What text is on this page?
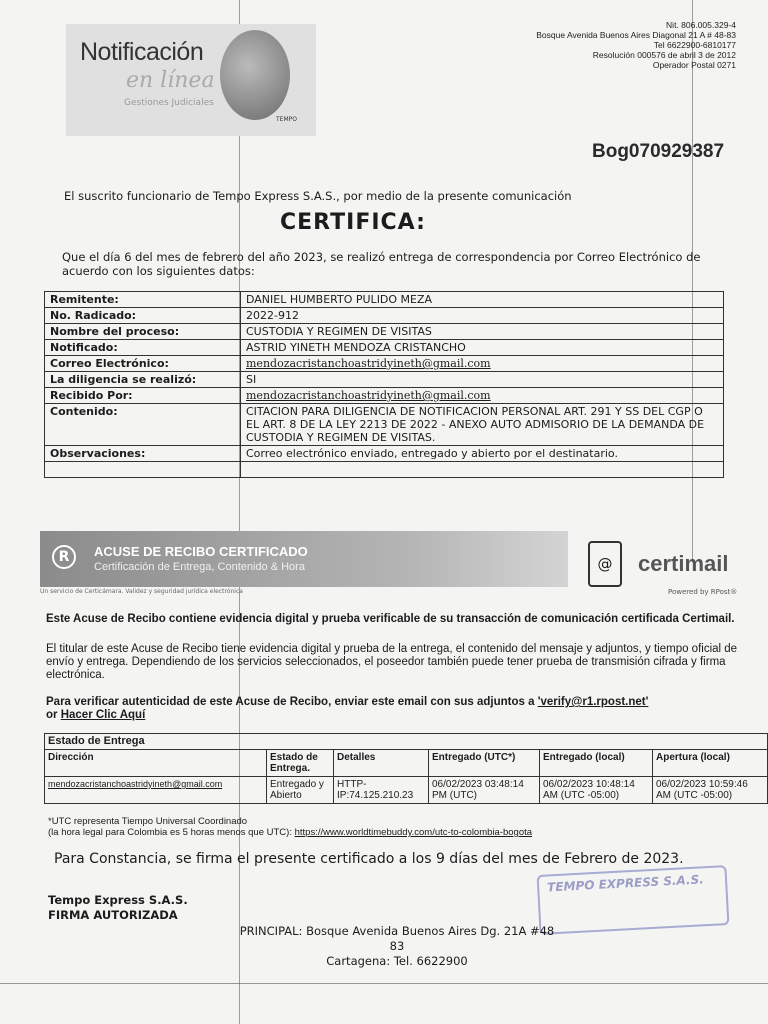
Notificación
en línea
Gestiones Judiciales
TEMPO
Nit. 806.005.329-4
Bosque Avenida Buenos Aires Diagonal 21 A # 48-83
Tel 6622900-6810177
Resolución 000576 de abril 3 de 2012
Operador Postal 0271
Bog070929387
El suscrito funcionario de Tempo Express S.A.S., por medio de la presente comunicación
CERTIFICA:
Que el día 6 del mes de febrero del año 2023, se realizó entrega de correspondencia por Correo Electrónico de acuerdo con los siguientes datos:
Remitente:	DANIEL HUMBERTO PULIDO MEZA
No. Radicado:	2022-912
Nombre del proceso:	CUSTODIA Y REGIMEN DE VISITAS
Notificado:	ASTRID YINETH MENDOZA CRISTANCHO
Correo Electrónico:	mendozacristanchoastridyineth@gmail.com
La diligencia se realizó:	SI
Recibido Por:	mendozacristanchoastridyineth@gmail.com
Contenido:	CITACION PARA DILIGENCIA DE NOTIFICACION PERSONAL ART. 291 Y SS DEL CGP O EL ART. 8 DE LA LEY 2213 DE 2022 - ANEXO AUTO ADMISORIO DE LA DEMANDA DE CUSTODIA Y REGIMEN DE VISITAS.
Observaciones:	Correo electrónico enviado, entregado y abierto por el destinatario.

R	ACUSE DE RECIBO CERTIFICADO
Certificación de Entrega, Contenido & Hora
Un servicio de Certicámara. Validez y seguridad jurídica electrónica
@	certimail
Powered by RPost®
Este Acuse de Recibo contiene evidencia digital y prueba verificable de su transacción de comunicación certificada Certimail.
El titular de este Acuse de Recibo tiene evidencia digital y prueba de la entrega, el contenido del mensaje y adjuntos, y tiempo oficial de envío y entrega. Dependiendo de los servicios seleccionados, el poseedor también puede tener prueba de transmisión cifrada y firma electrónica.
Para verificar autenticidad de este Acuse de Recibo, enviar este email con sus adjuntos a 'verify@r1.rpost.net'
or Hacer Clic Aquí
Estado de Entrega					
Dirección	Estado de Entrega.	Detalles	Entregado (UTC*)	Entregado (local)	Apertura (local)
mendozacristanchoastridyineth@gmail.com	Entregado y Abierto	HTTP-IP:74.125.210.23	06/02/2023 03:48:14 PM (UTC)	06/02/2023 10:48:14 AM (UTC -05:00)	06/02/2023 10:59:46 AM (UTC -05:00)
*UTC representa Tiempo Universal Coordinado
(la hora legal para Colombia es 5 horas menos que UTC): https://www.worldtimebuddy.com/utc-to-colombia-bogota
Para Constancia, se firma el presente certificado a los 9 días del mes de Febrero de 2023.
Tempo Express S.A.S.
FIRMA AUTORIZADA
TEMPO EXPRESS S.A.S.
PRINCIPAL: Bosque Avenida Buenos Aires Dg. 21A #48 83
Cartagena: Tel. 6622900
